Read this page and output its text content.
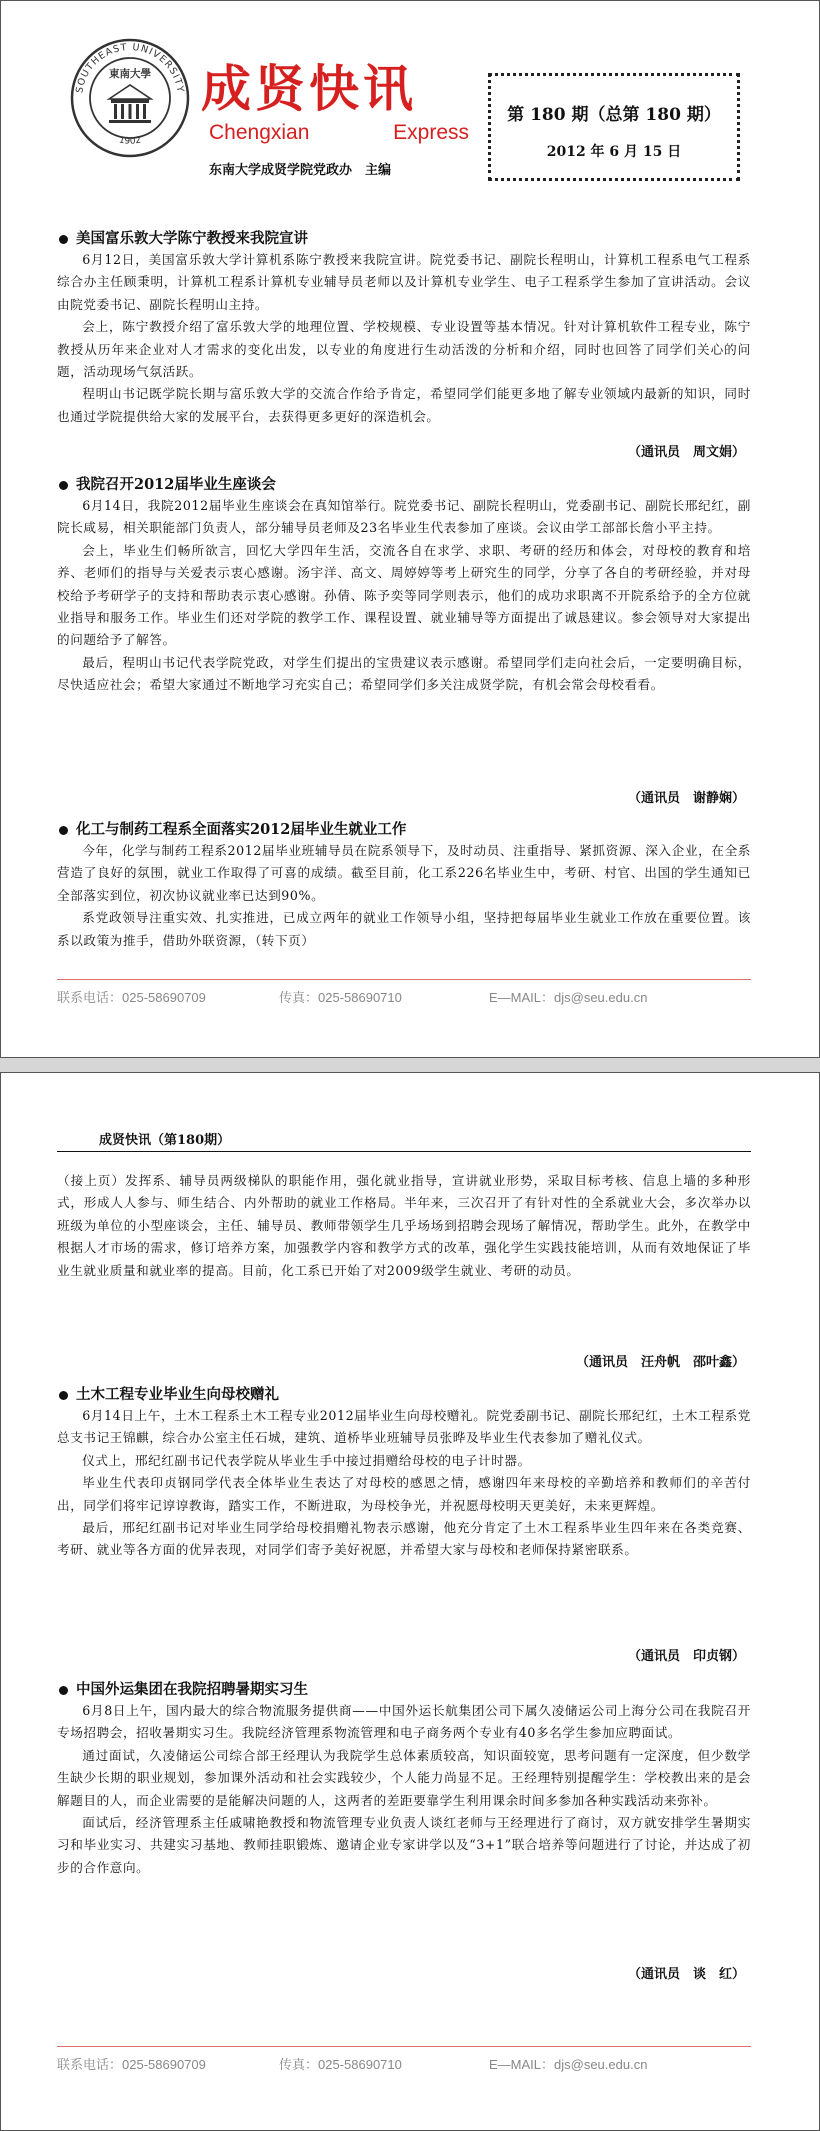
SOUTHEAST UNIVERSITY
1902
東南大學 成贤快讯
Chengxian	Express
东南大学成贤学院党政办　主编
第 180 期（总第 180 期）
2012 年 6 月 15 日
美国富乐敦大学陈宁教授来我院宣讲

6月12日，美国富乐敦大学计算机系陈宁教授来我院宣讲。院党委书记、副院长程明山，计算机工程系电气工程系综合办主任顾秉明，计算机工程系计算机专业辅导员老师以及计算机专业学生、电子工程系学生参加了宣讲活动。会议由院党委书记、副院长程明山主持。

会上，陈宁教授介绍了富乐敦大学的地理位置、学校规模、专业设置等基本情况。针对计算机软件工程专业，陈宁教授从历年来企业对人才需求的变化出发，以专业的角度进行生动活泼的分析和介绍，同时也回答了同学们关心的问题，活动现场气氛活跃。

程明山书记既学院长期与富乐敦大学的交流合作给予肯定，希望同学们能更多地了解专业领域内最新的知识，同时也通过学院提供给大家的发展平台，去获得更多更好的深造机会。

（通讯员　周文娟）
我院召开2012届毕业生座谈会

6月14日，我院2012届毕业生座谈会在真知馆举行。院党委书记、副院长程明山，党委副书记、副院长邢纪红，副院长咸易，相关职能部门负责人，部分辅导员老师及23名毕业生代表参加了座谈。会议由学工部部长詹小平主持。

会上，毕业生们畅所欲言，回忆大学四年生活，交流各自在求学、求职、考研的经历和体会，对母校的教育和培养、老师们的指导与关爱表示衷心感谢。汤宇洋、高文、周婷婷等考上研究生的同学，分享了各自的考研经验，并对母校给予考研学子的支持和帮助表示衷心感谢。孙倩、陈予奕等同学则表示，他们的成功求职离不开院系给予的全方位就业指导和服务工作。毕业生们还对学院的教学工作、课程设置、就业辅导等方面提出了诚恳建议。参会领导对大家提出的问题给予了解答。

最后，程明山书记代表学院党政，对学生们提出的宝贵建议表示感谢。希望同学们走向社会后，一定要明确目标，尽快适应社会；希望大家通过不断地学习充实自己；希望同学们多关注成贤学院，有机会常会母校看看。

（通讯员　谢静娴）
化工与制药工程系全面落实2012届毕业生就业工作

今年，化学与制药工程系2012届毕业班辅导员在院系领导下，及时动员、注重指导、紧抓资源、深入企业，在全系营造了良好的氛围，就业工作取得了可喜的成绩。截至目前，化工系226名毕业生中，考研、村官、出国的学生通知已全部落实到位，初次协议就业率已达到90%。

系党政领导注重实效、扎实推进，已成立两年的就业工作领导小组，坚持把每届毕业生就业工作放在重要位置。该系以政策为推手，借助外联资源，（转下页）

联系电话：025-58690709	传真：025-58690710	E—MAIL：djs@seu.edu.cn
成贤快讯（第180期）

（接上页）发挥系、辅导员两级梯队的职能作用，强化就业指导，宣讲就业形势，采取目标考核、信息上墙的多种形式，形成人人参与、师生结合、内外帮助的就业工作格局。半年来，三次召开了有针对性的全系就业大会，多次举办以班级为单位的小型座谈会，主任、辅导员、教师带领学生几乎场场到招聘会现场了解情况，帮助学生。此外，在教学中根据人才市场的需求，修订培养方案，加强教学内容和教学方式的改革，强化学生实践技能培训，从而有效地保证了毕业生就业质量和就业率的提高。目前，化工系已开始了对2009级学生就业、考研的动员。

（通讯员　汪舟帆　邵叶鑫）
土木工程专业毕业生向母校赠礼

6月14日上午，土木工程系土木工程专业2012届毕业生向母校赠礼。院党委副书记、副院长邢纪红，土木工程系党总支书记王锦麒，综合办公室主任石城，建筑、道桥毕业班辅导员张晔及毕业生代表参加了赠礼仪式。

仪式上，邢纪红副书记代表学院从毕业生手中接过捐赠给母校的电子计时器。

毕业生代表印贞钢同学代表全体毕业生表达了对母校的感恩之情，感谢四年来母校的辛勤培养和教师们的辛苦付出，同学们将牢记谆谆教诲，踏实工作，不断进取，为母校争光，并祝愿母校明天更美好，未来更辉煌。

最后，邢纪红副书记对毕业生同学给母校捐赠礼物表示感谢，他充分肯定了土木工程系毕业生四年来在各类竞赛、考研、就业等各方面的优异表现，对同学们寄予美好祝愿，并希望大家与母校和老师保持紧密联系。

（通讯员　印贞钢）
中国外运集团在我院招聘暑期实习生

6月8日上午，国内最大的综合物流服务提供商——中国外运长航集团公司下属久凌储运公司上海分公司在我院召开专场招聘会，招收暑期实习生。我院经济管理系物流管理和电子商务两个专业有40多名学生参加应聘面试。

通过面试，久凌储运公司综合部王经理认为我院学生总体素质较高，知识面较宽，思考问题有一定深度，但少数学生缺少长期的职业规划，参加课外活动和社会实践较少，个人能力尚显不足。王经理特别提醒学生：学校教出来的是会解题目的人，而企业需要的是能解决问题的人，这两者的差距要靠学生利用课余时间多参加各种实践活动来弥补。

面试后，经济管理系主任戚啸艳教授和物流管理专业负责人谈红老师与王经理进行了商讨，双方就安排学生暑期实习和毕业实习、共建实习基地、教师挂职锻炼、邀请企业专家讲学以及“3+1”联合培养等问题进行了讨论，并达成了初步的合作意向。

（通讯员　谈　红）
联系电话：025-58690709	传真：025-58690710	E—MAIL：djs@seu.edu.cn
